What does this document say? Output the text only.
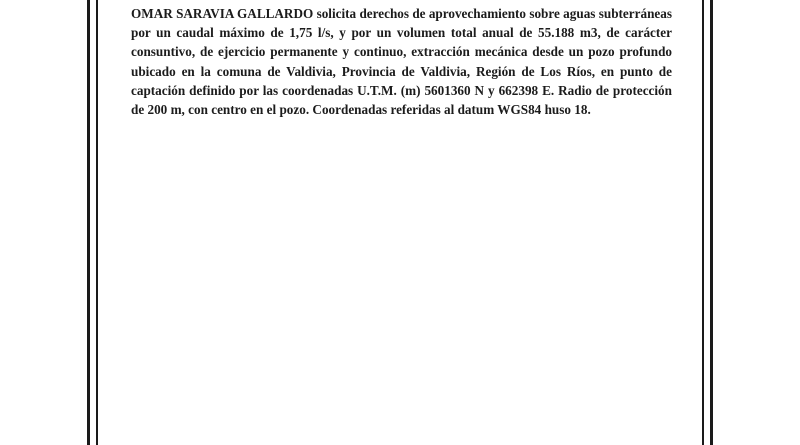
OMAR SARAVIA GALLARDO solicita derechos de aprovechamiento sobre aguas subterráneas por un caudal máximo de 1,75 l/s, y por un volumen total anual de 55.188 m3, de carácter consuntivo, de ejercicio permanente y continuo, extracción mecánica desde un pozo profundo ubicado en la comuna de Valdivia, Provincia de Valdivia, Región de Los Ríos, en punto de captación definido por las coordenadas U.T.M. (m) 5601360 N y 662398 E. Radio de protección de 200 m, con centro en el pozo. Coordenadas referidas al datum WGS84 huso 18.
